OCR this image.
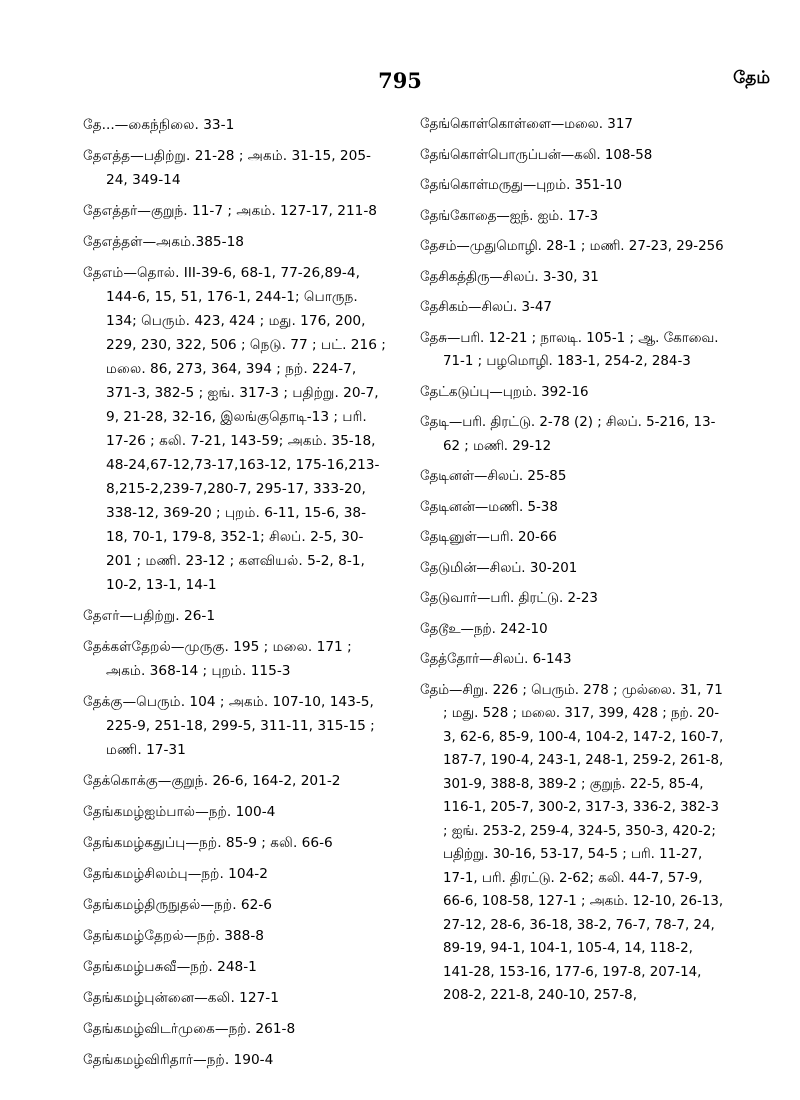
795	தேம்
தே...—கைந்நிலை. 33-1
தேஎத்த—பதிற்று. 21-28 ; அகம். 31-15, 205-24, 349-14
தேஎத்தர்—குறுந். 11-7 ; அகம். 127-17, 211-8
தேஎத்தள்—அகம்.385-18
தேஎம்—தொல். III-39-6, 68-1, 77-26,89-4, 144-6, 15, 51, 176-1, 244-1; பொருந. 134; பெரும். 423, 424 ; மது. 176, 200, 229, 230, 322, 506 ; நெடு. 77 ; பட். 216 ; மலை. 86, 273, 364, 394 ; நற். 224-7, 371-3, 382-5 ; ஐங். 317-3 ; பதிற்று. 20-7, 9, 21-28, 32-16, இலங்குதொடி-13 ; பரி. 17-26 ; கலி. 7-21, 143-59; அகம். 35-18, 48-24,67-12,73-17,163-12, 175-16,213-8,215-2,239-7,280-7, 295-17, 333-20, 338-12, 369-20 ; புறம். 6-11, 15-6, 38-18, 70-1, 179-8, 352-1; சிலப். 2-5, 30-201 ; மணி. 23-12 ; களவியல். 5-2, 8-1, 10-2, 13-1, 14-1
தேஎர்—பதிற்று. 26-1
தேக்கள்தேறல்—முருகு. 195 ; மலை. 171 ; அகம். 368-14 ; புறம். 115-3
தேக்கு—பெரும். 104 ; அகம். 107-10, 143-5, 225-9, 251-18, 299-5, 311-11, 315-15 ; மணி. 17-31
தேக்கொக்கு—குறுந். 26-6, 164-2, 201-2
தேங்கமழ்ஐம்பால்—நற். 100-4
தேங்கமழ்கதுப்பு—நற். 85-9 ; கலி. 66-6
தேங்கமழ்சிலம்பு—நற். 104-2
தேங்கமழ்திருநுதல்—நற். 62-6
தேங்கமழ்தேறல்—நற். 388-8
தேங்கமழ்பசுவீ—நற். 248-1
தேங்கமழ்புன்னை—கலி. 127-1
தேங்கமழ்விடர்முகை—நற். 261-8
தேங்கமழ்விரிதார்—நற். 190-4
தேங்கொள்கொள்ளை—மலை. 317
தேங்கொள்பொருப்பன்—கலி. 108-58
தேங்கொள்மருது—புறம். 351-10
தேங்கோதை—ஐந். ஐம். 17-3
தேசம்—முதுமொழி. 28-1 ; மணி. 27-23, 29-256
தேசிகத்திரு—சிலப். 3-30, 31
தேசிகம்—சிலப். 3-47
தேசு—பரி. 12-21 ; நாலடி. 105-1 ; ஆ. கோவை. 71-1 ; பழமொழி. 183-1, 254-2, 284-3
தேட்கடுப்பு—புறம். 392-16
தேடி—பரி. திரட்டு. 2-78 (2) ; சிலப். 5-216, 13-62 ; மணி. 29-12
தேடினள்—சிலப். 25-85
தேடினன்—மணி. 5-38
தேடினுள்—பரி. 20-66
தேடுமின்—சிலப். 30-201
தேடுவார்—பரி. திரட்டு. 2-23
தேடூஉ—நற். 242-10
தேத்தோர்—சிலப். 6-143
தேம்—சிறு. 226 ; பெரும். 278 ; முல்லை. 31, 71 ; மது. 528 ; மலை. 317, 399, 428 ; நற். 20-3, 62-6, 85-9, 100-4, 104-2, 147-2, 160-7, 187-7, 190-4, 243-1, 248-1, 259-2, 261-8, 301-9, 388-8, 389-2 ; குறுந். 22-5, 85-4, 116-1, 205-7, 300-2, 317-3, 336-2, 382-3 ; ஐங். 253-2, 259-4, 324-5, 350-3, 420-2; பதிற்று. 30-16, 53-17, 54-5 ; பரி. 11-27, 17-1, பரி. திரட்டு. 2-62; கலி. 44-7, 57-9, 66-6, 108-58, 127-1 ; அகம். 12-10, 26-13, 27-12, 28-6, 36-18, 38-2, 76-7, 78-7, 24, 89-19, 94-1, 104-1, 105-4, 14, 118-2, 141-28, 153-16, 177-6, 197-8, 207-14, 208-2, 221-8, 240-10, 257-8,
